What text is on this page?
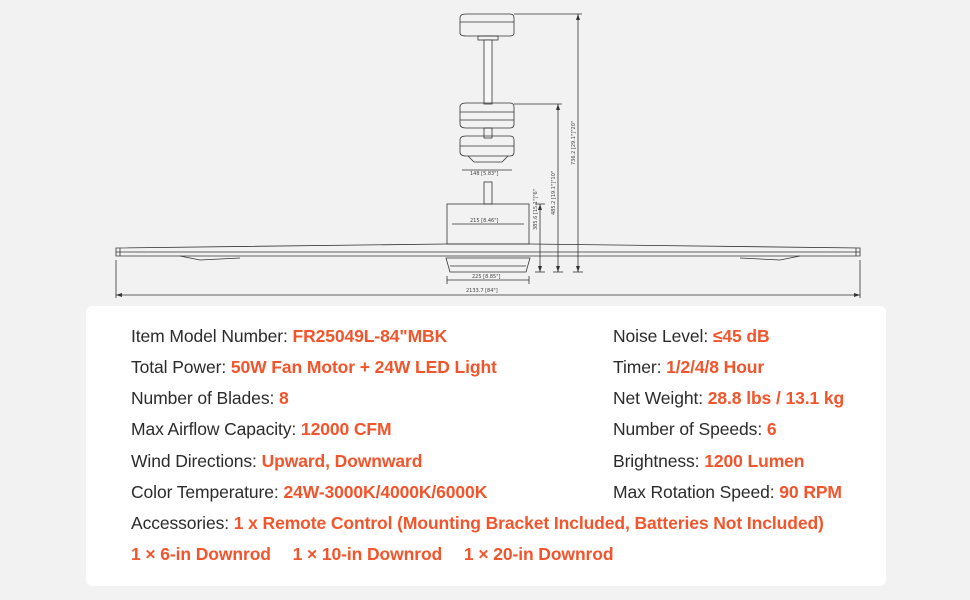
148 [5.83"]
215 [8.46"]
225 [8.85"]
2133.7 [84"]
385.6 [15.1"]"6" 485.2 [19.1"]"10"
736.2 [29.1"]"20"
Item Model Number: FR25049L-84"MBK
Total Power: 50W Fan Motor + 24W LED Light
Number of Blades: 8
Max Airflow Capacity: 12000 CFM
Wind Directions: Upward, Downward
Color Temperature: 24W-3000K/4000K/6000K
Noise Level: ≤45 dB
Timer: 1/2/4/8 Hour
Net Weight: 28.8 lbs / 13.1 kg
Number of Speeds: 6
Brightness: 1200 Lumen
Max Rotation Speed: 90 RPM
Accessories: 1 x Remote Control (Mounting Bracket Included, Batteries Not Included)
1 × 6-in Downrod 1 × 10-in Downrod 1 × 20-in Downrod
